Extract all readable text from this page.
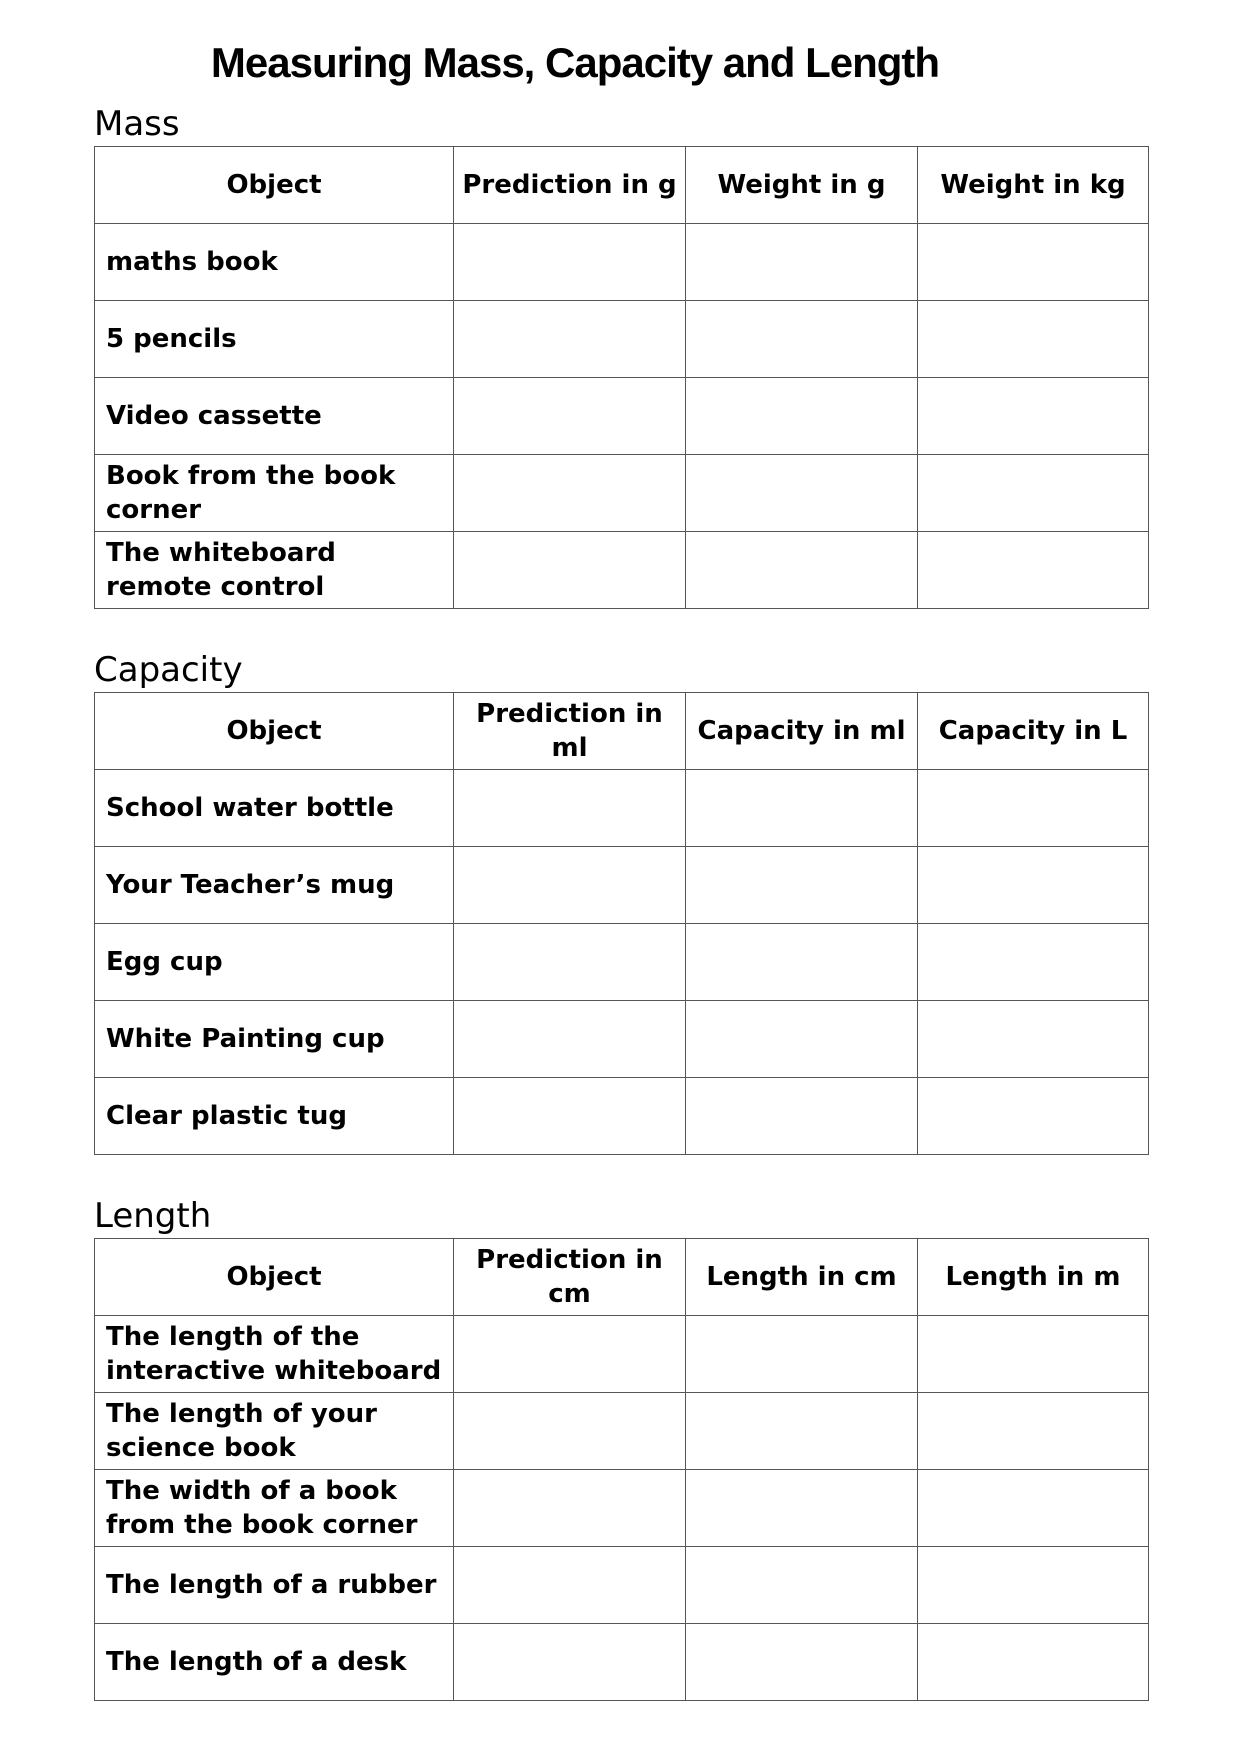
Measuring Mass, Capacity and Length
Mass
Object	Prediction in g	Weight in g	Weight in kg
maths book			
5 pencils			
Video cassette			
Book from the book corner			
The whiteboard remote control			
Capacity
Object	Prediction in ml	Capacity in ml	Capacity in L
School water bottle			
Your Teacher’s mug			
Egg cup			
White Painting cup			
Clear plastic tug			
Length
Object	Prediction in cm	Length in cm	Length in m
The length of the interactive whiteboard			
The length of your science book			
The width of a book from the book corner			
The length of a rubber			
The length of a desk			
